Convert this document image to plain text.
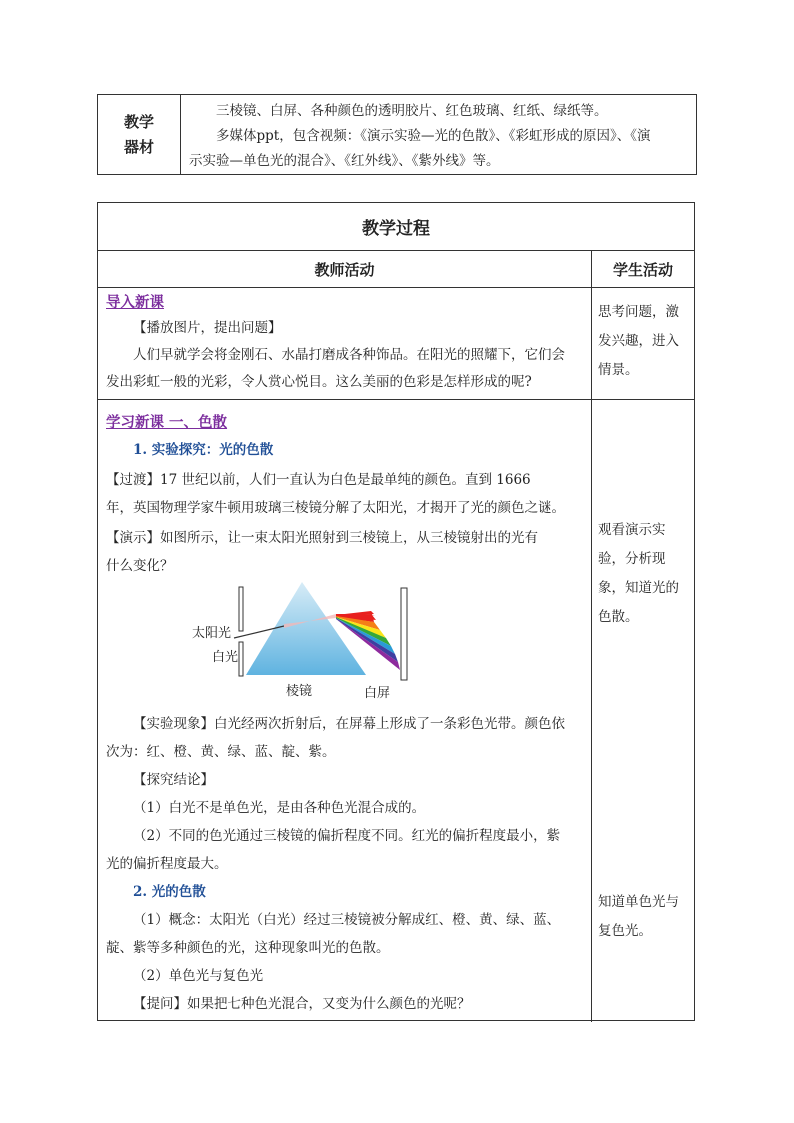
教学
器材
三棱镜、白屏、各种颜色的透明胶片、红色玻璃、红纸、绿纸等。
多媒体ppt，包含视频：《演示实验—光的色散》、《彩虹形成的原因》、《演
示实验—单色光的混合》、《红外线》、《紫外线》等。
教学过程
教师活动	学生活动
导入新课
【播放图片，提出问题】
人们早就学会将金刚石、水晶打磨成各种饰品。在阳光的照耀下，它们会
发出彩虹一般的光彩，令人赏心悦目。这么美丽的色彩是怎样形成的呢?
思考问题，激
发兴趣，进入
情景。
学习新课 一、色散
1. 实验探究：光的色散
【过渡】17 世纪以前，人们一直认为白色是最单纯的颜色。直到 1666
年，英国物理学家牛顿用玻璃三棱镜分解了太阳光，才揭开了光的颜色之谜。
【演示】如图所示，让一束太阳光照射到三棱镜上，从三棱镜射出的光有
什么变化？
太阳光
白光
棱镜	白屏
【实验现象】白光经两次折射后，在屏幕上形成了一条彩色光带。颜色依
次为：红、橙、黄、绿、蓝、靛、紫。
【探究结论】
（1）白光不是单色光，是由各种色光混合成的。
（2）不同的色光通过三棱镜的偏折程度不同。红光的偏折程度最小，紫
光的偏折程度最大。
2. 光的色散
（1）概念：太阳光（白光）经过三棱镜被分解成红、橙、黄、绿、蓝、
靛、紫等多种颜色的光，这种现象叫光的色散。
（2）单色光与复色光
【提问】如果把七种色光混合，又变为什么颜色的光呢？
观看演示实
验，分析现
象，知道光的
色散。
知道单色光与
复色光。
